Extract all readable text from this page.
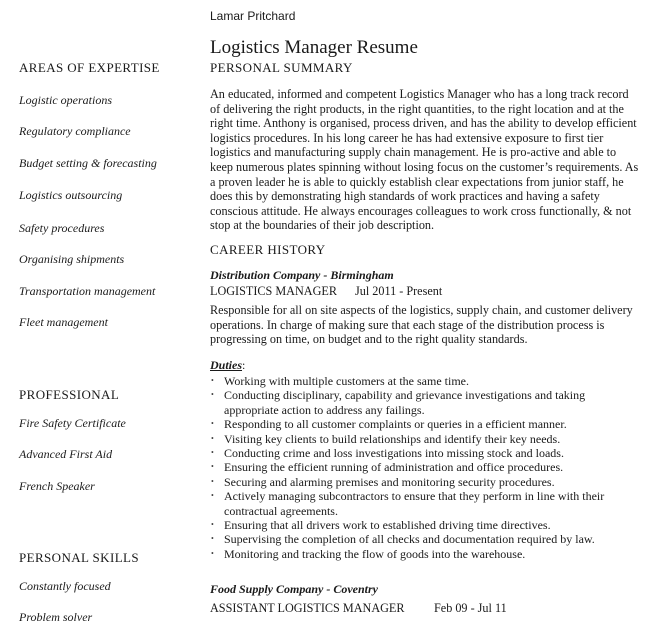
Lamar Pritchard
Logistics Manager Resume
AREAS OF EXPERTISE
Logistic operations
Regulatory compliance
Budget setting & forecasting
Logistics outsourcing
Safety procedures
Organising shipments
Transportation management
Fleet management
PROFESSIONAL
Fire Safety Certificate
Advanced First Aid
French Speaker
PERSONAL SKILLS
Constantly focused
Problem solver
PERSONAL SUMMARY
An educated, informed and competent Logistics Manager who has a long track record of delivering the right products, in the right quantities, to the right location and at the right time. Anthony is organised, process driven, and has the ability to develop efficient logistics procedures. In his long career he has had extensive exposure to first tier logistics and manufacturing supply chain management. He is pro-active and able to keep numerous plates spinning without losing focus on the customer’s requirements. As a proven leader he is able to quickly establish clear expectations from junior staff, he does this by demonstrating high standards of work practices and having a safety conscious attitude. He always encourages colleagues to work cross functionally, & not stop at the boundaries of their job description.
CAREER HISTORY
Distribution Company - Birmingham
LOGISTICS MANAGER Jul 2011 - Present
Responsible for all on site aspects of the logistics, supply chain, and customer delivery operations. In charge of making sure that each stage of the distribution process is progressing on time, on budget and to the right quality standards.
Duties:
• Working with multiple customers at the same time.
• Conducting disciplinary, capability and grievance investigations and taking appropriate action to address any failings.
• Responding to all customer complaints or queries in a efficient manner.
• Visiting key clients to build relationships and identify their key needs.
• Conducting crime and loss investigations into missing stock and loads.
• Ensuring the efficient running of administration and office procedures.
• Securing and alarming premises and monitoring security procedures.
• Actively managing subcontractors to ensure that they perform in line with their contractual agreements.
• Ensuring that all drivers work to established driving time directives.
• Supervising the completion of all checks and documentation required by law.
• Monitoring and tracking the flow of goods into the warehouse.
Food Supply Company - Coventry
ASSISTANT LOGISTICS MANAGER Feb 09 - Jul 11
